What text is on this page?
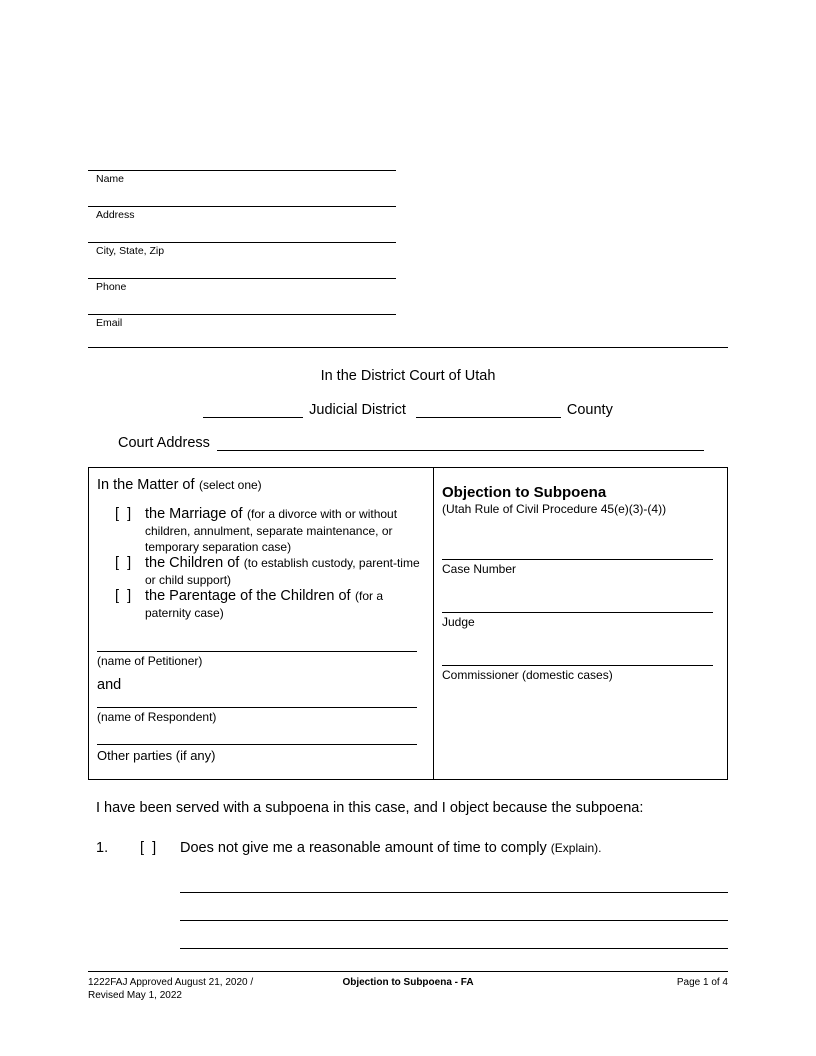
Name
Address
City, State, Zip
Phone
Email
In the District Court of Utah
Judicial District	County
Court Address
In the Matter of (select one)
[  ] the Marriage of (for a divorce with or without children, annulment, separate maintenance, or temporary separation case)
[  ] the Children of (to establish custody, parent-time or child support)
[  ] the Parentage of the Children of (for a paternity case)
(name of Petitioner)
and
(name of Respondent)
Other parties (if any)
Objection to Subpoena
(Utah Rule of Civil Procedure 45(e)(3)-(4))
Case Number
Judge
Commissioner (domestic cases)
I have been served with a subpoena in this case, and I object because the subpoena:
1.	[  ]	Does not give me a reasonable amount of time to comply (Explain).
1222FAJ Approved August 21, 2020 /
Revised May 1, 2022
Objection to Subpoena - FA	Page 1 of 4
